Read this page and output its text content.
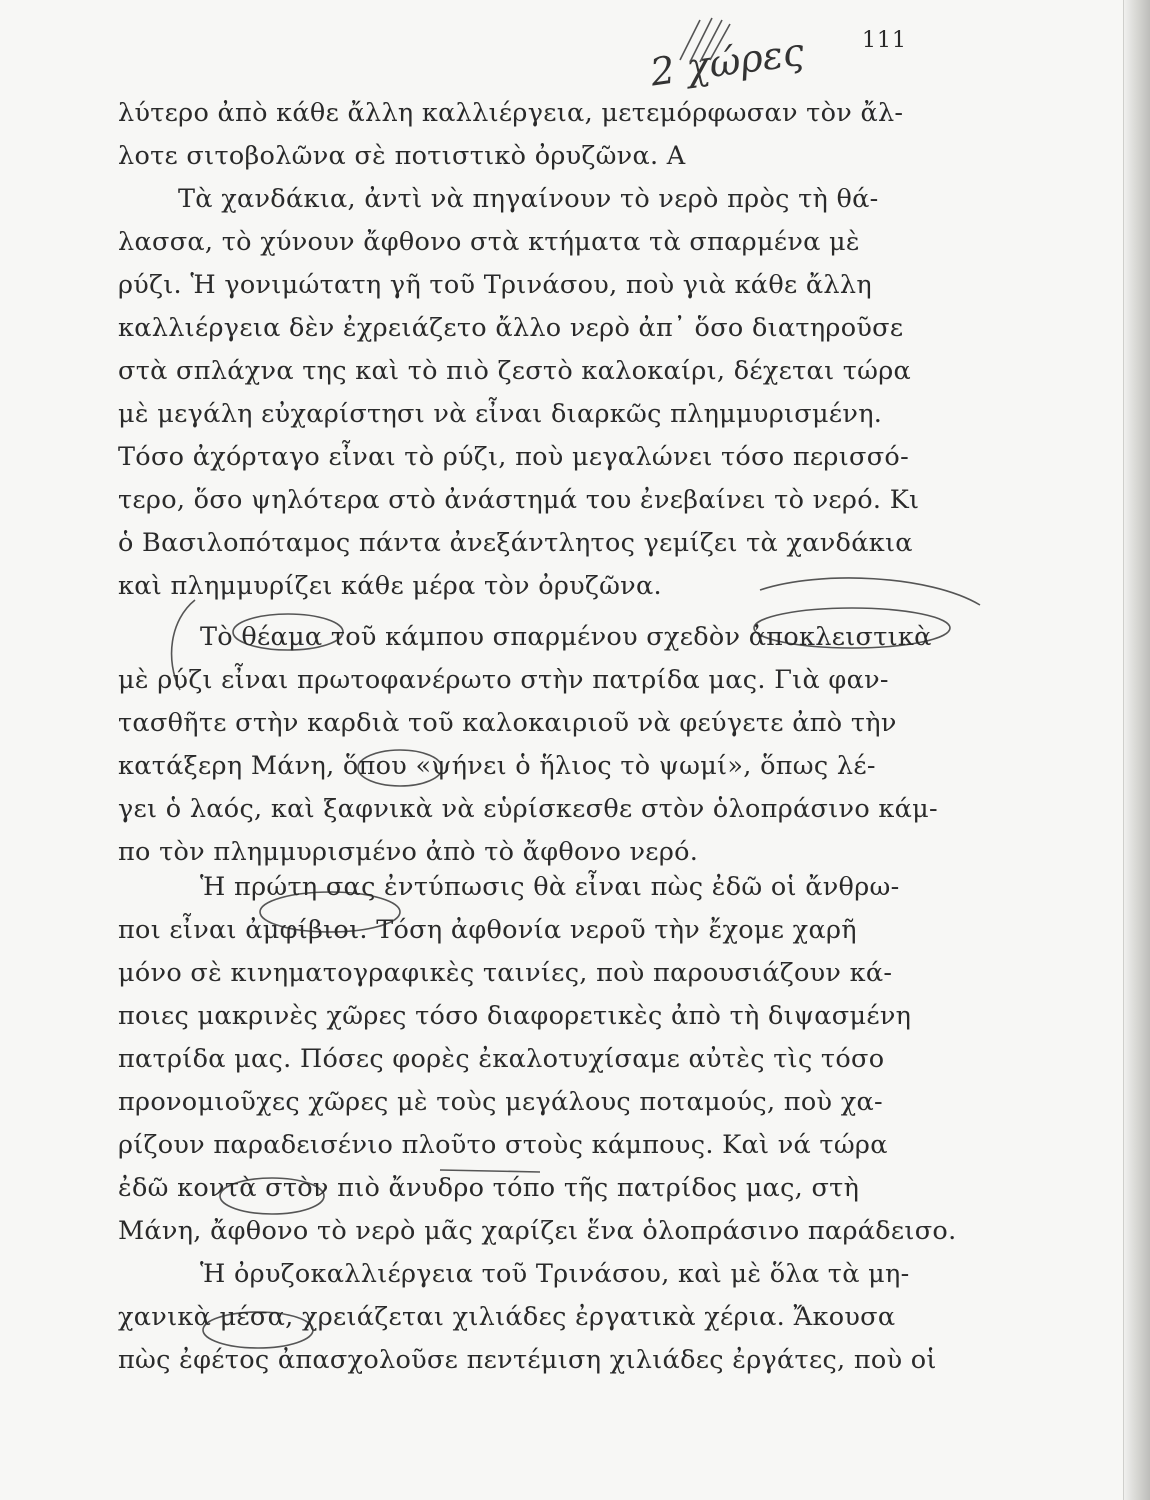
111
2 χώρες
λύτερο ἀπὸ κάθε ἄλλη καλλιέργεια, μετεμόρφωσαν τὸν ἄλ-
λοτε σιτοβολῶνα σὲ ποτιστικὸ ὀρυζῶνα. A
Τὰ χανδάκια, ἀντὶ νὰ πηγαίνουν τὸ νερὸ πρὸς τὴ θά-
λασσα, τὸ χύνουν ἄφθονο στὰ κτήματα τὰ σπαρμένα μὲ
ρύζι. Ἡ γονιμώτατη γῆ τοῦ Τρινάσου, ποὺ γιὰ κάθε ἄλλη
καλλιέργεια δὲν ἐχρειάζετο ἄλλο νερὸ ἀπ᾽ ὅσο διατηροῦσε
στὰ σπλάχνα της καὶ τὸ πιὸ ζεστὸ καλοκαίρι, δέχεται τώρα
μὲ μεγάλη εὐχαρίστησι νὰ εἶναι διαρκῶς πλημμυρισμένη.
Τόσο ἀχόρταγο εἶναι τὸ ρύζι, ποὺ μεγαλώνει τόσο περισσό-
τερο, ὅσο ψηλότερα στὸ ἀνάστημά του ἐνεβαίνει τὸ νερό. Κι
ὁ Βασιλοπόταμος πάντα ἀνεξάντλητος γεμίζει τὰ χανδάκια
καὶ πλημμυρίζει κάθε μέρα τὸν ὀρυζῶνα.
Τὸ θέαμα τοῦ κάμπου σπαρμένου σχεδὸν ἀποκλειστικὰ
μὲ ρύζι εἶναι πρωτοφανέρωτο στὴν πατρίδα μας. Γιὰ φαν-
τασθῆτε στὴν καρδιὰ τοῦ καλοκαιριοῦ νὰ φεύγετε ἀπὸ τὴν
κατάξερη Μάνη, ὅπου «ψήνει ὁ ἥλιος τὸ ψωμί», ὅπως λέ-
γει ὁ λαός, καὶ ξαφνικὰ νὰ εὑρίσκεσθε στὸν ὁλοπράσινο κάμ-
πο τὸν πλημμυρισμένο ἀπὸ τὸ ἄφθονο νερό.
Ἡ πρώτη σας ἐντύπωσις θὰ εἶναι πὼς ἐδῶ οἱ ἄνθρω-
ποι εἶναι ἀμφίβιοι. Τόση ἀφθονία νεροῦ τὴν ἔχομε χαρῆ
μόνο σὲ κινηματογραφικὲς ταινίες, ποὺ παρουσιάζουν κά-
ποιες μακρινὲς χῶρες τόσο διαφορετικὲς ἀπὸ τὴ διψασμένη
πατρίδα μας. Πόσες φορὲς ἐκαλοτυχίσαμε αὐτὲς τὶς τόσο
προνομιοῦχες χῶρες μὲ τοὺς μεγάλους ποταμούς, ποὺ χα-
ρίζουν παραδεισένιο πλοῦτο στοὺς κάμπους. Καὶ νά τώρα
ἐδῶ κοντὰ στὸν πιὸ ἄνυδρο τόπο τῆς πατρίδος μας, στὴ
Μάνη, ἄφθονο τὸ νερὸ μᾶς χαρίζει ἕνα ὁλοπράσινο παράδεισο.
Ἡ ὀρυζοκαλλιέργεια τοῦ Τρινάσου, καὶ μὲ ὅλα τὰ μη-
χανικὰ μέσα, χρειάζεται χιλιάδες ἐργατικὰ χέρια. Ἄκουσα
πὼς ἐφέτος ἀπασχολοῦσε πεντέμιση χιλιάδες ἐργάτες, ποὺ οἱ
